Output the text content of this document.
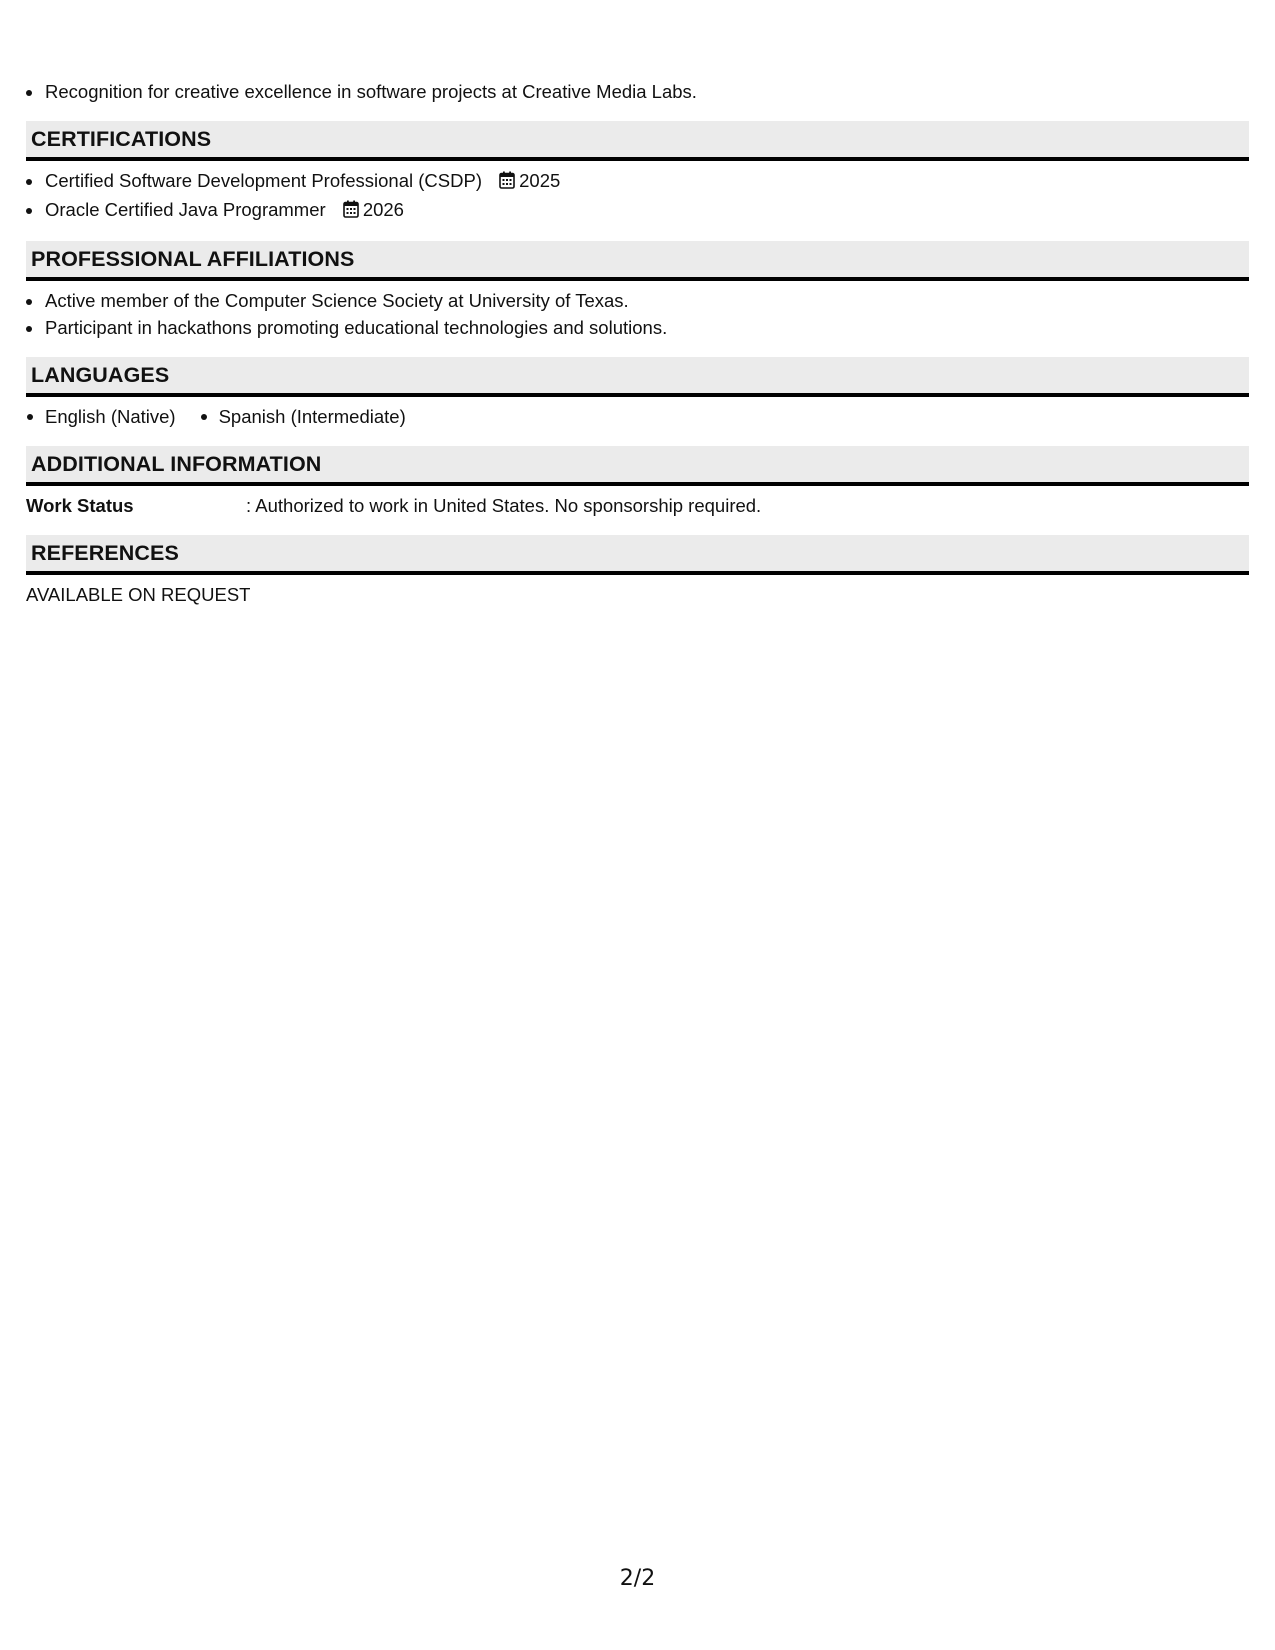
• Recognition for creative excellence in software projects at Creative Media Labs.
CERTIFICATIONS
• Certified Software Development Professional (CSDP) 2025
• Oracle Certified Java Programmer 2026
PROFESSIONAL AFFILIATIONS
• Active member of the Computer Science Society at University of Texas.
• Participant in hackathons promoting educational technologies and solutions.
LANGUAGES
English (Native)	Spanish (Intermediate)
ADDITIONAL INFORMATION
Work Status	: Authorized to work in United States. No sponsorship required.
REFERENCES
AVAILABLE ON REQUEST
2/2
